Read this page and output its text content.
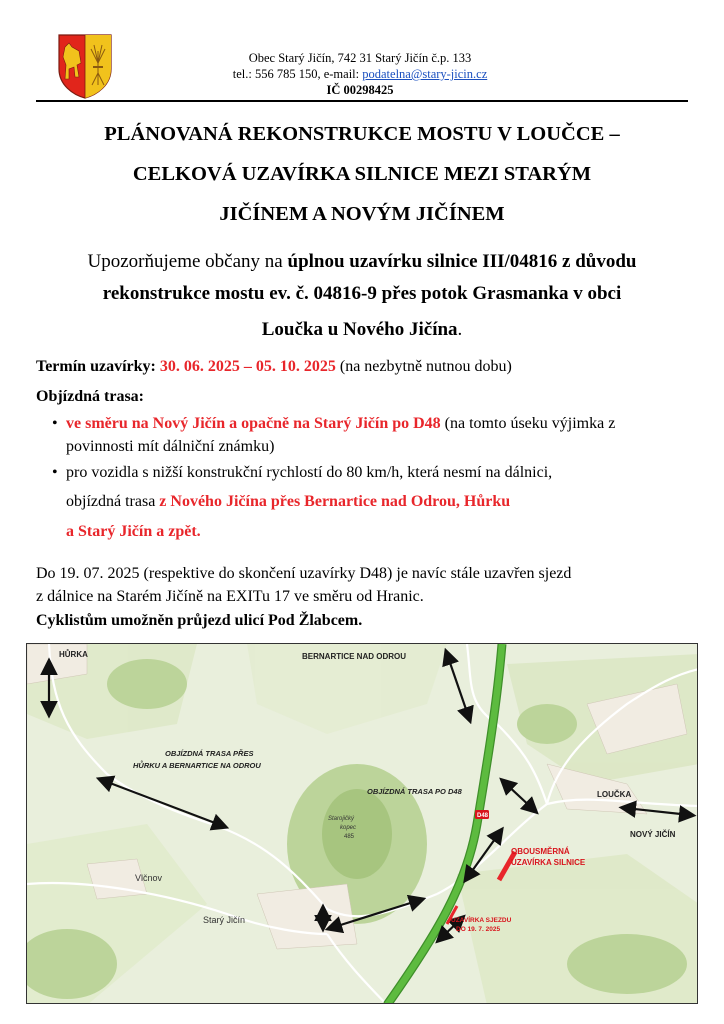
Obec Starý Jičín, 742 31 Starý Jičín č.p. 133
tel.: 556 785 150, e-mail: podatelna@stary-jicin.cz
IČ 00298425
PLÁNOVANÁ REKONSTRUKCE MOSTU V LOUČCE –
CELKOVÁ UZAVÍRKA SILNICE MEZI STARÝM
JIČÍNEM A NOVÝM JIČÍNEM
Upozorňujeme občany na úplnou uzavírku silnice III/04816 z důvodu
rekonstrukce mostu ev. č. 04816-9 přes potok Grasmanka v obci
Loučka u Nového Jičína.
Termín uzavírky: 30. 06. 2025 – 05. 10. 2025 (na nezbytně nutnou dobu)
Objízdná trasa:
• ve směru na Nový Jičín a opačně na Starý Jičín po D48 (na tomto úseku výjimka z povinnosti mít dálniční známku)
• pro vozidla s nižší konstrukční rychlostí do 80 km/h, která nesmí na dálnici,
objízdná trasa z Nového Jičína přes Bernartice nad Odrou, Hůrku
a Starý Jičín a zpět.
Do 19. 07. 2025 (respektive do skončení uzavírky D48) je navíc stále uzavřen sjezd
z dálnice na Starém Jičíně na EXITu 17 ve směru od Hranic.
Cyklistům umožněn průjezd ulicí Pod Žlabcem.
D48
HŮRKA	BERNARTICE NAD ODROU
OBJÍZDNÁ TRASA PŘES
HŮRKU A BERNARTICE NA ODROU
OBJÍZDNÁ TRASA PO D48	LOUČKA
NOVÝ JIČÍN
OBOUSMĚRNÁ
UZAVÍRKA SILNICE
UZAVÍRKA SJEZDU
DO 19. 7. 2025
Vlčnov
Starý Jičín
Starojičký
kopec
485
